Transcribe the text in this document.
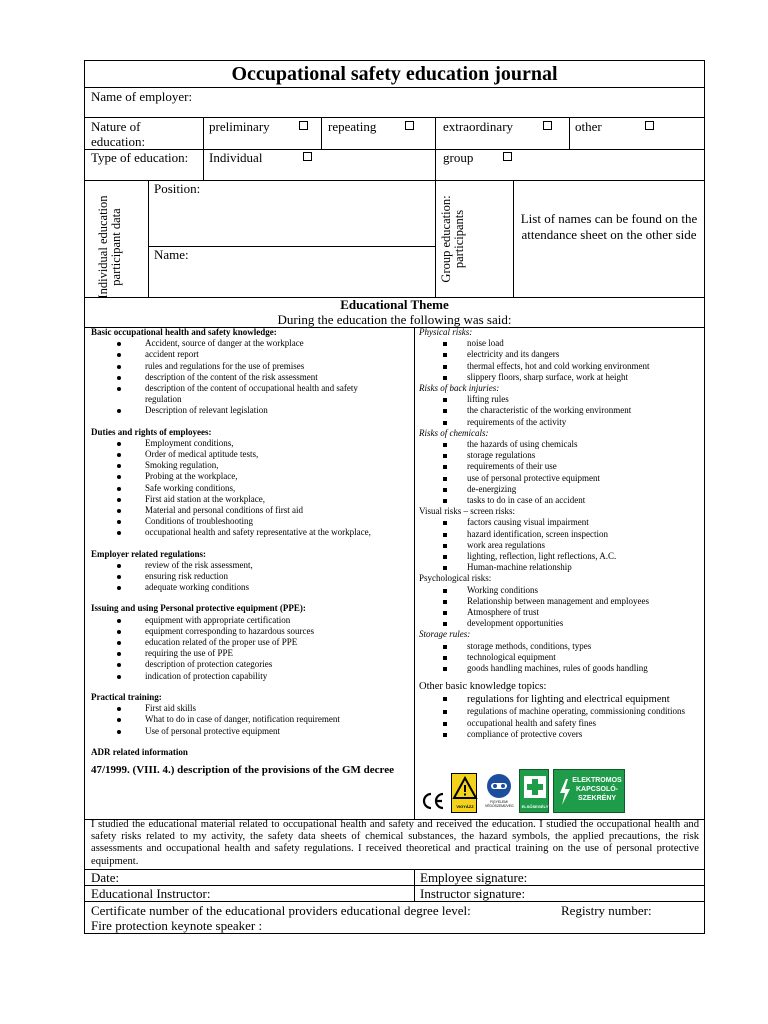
Occupational safety education journal
Name of employer:
Nature of education:
preliminary	repeating	extraordinary	other
Type of education: Individual	group
Individual education participant data
Position:
Name:	Group education: participants	List of names can be found on the attendance sheet on the other side
Educational Theme
During the education the following was said:

Basic occupational health and safety knowledge:

Accident, source of danger at the workplace
accident report
rules and regulations for the use of premises
description of the content of the risk assessment
description of the content of occupational health and safety regulation
Description of relevant legislation

Duties and rights of employees:

Employment conditions,
Order of medical aptitude tests,
Smoking regulation,
Probing at the workplace,
Safe working conditions,
First aid station at the workplace,
Material and personal conditions of first aid
Conditions of troubleshooting
occupational health and safety representative at the workplace,

Employer related regulations:

review of the risk assessment,
ensuring risk reduction
adequate working conditions

Issuing and using Personal protective equipment (PPE):

equipment with appropriate certification
equipment corresponding to hazardous sources
education related of the proper use of PPE
requiring the use of PPE
description of protection categories
indication of protection capability

Practical training:

First aid skills
What to do in case of danger, notification requirement
Use of personal protective equipment

ADR related information

47/1999. (VIII. 4.) description of the provisions of the GM decree

Physical risks:

noise load
electricity and its dangers
thermal effects, hot and cold working environment
slippery floors, sharp surface, work at height

Risks of back injuries:

lifting rules
the characteristic of the working environment
requirements of the activity

Risks of chemicals:

the hazards of using chemicals
storage regulations
requirements of their use
use of personal protective equipment
de-energizing
tasks to do in case of an accident

Visual risks – screen risks:

factors causing visual impairment
hazard identification, screen inspection
work area regulations
lighting, reflection, light reflections, A.C.
Human-machine relationship

Psychological risks:

Working conditions
Relationship between management and employees
Atmosphere of trust
development opportunities

Storage rules:

storage methods, conditions, types
technological equipment
goods handling machines, rules of goods handling

Other basic knowledge topics:

regulations for lighting and electrical equipment
regulations of machine operating, commissioning conditions
occupational health and safety fines
compliance of protective covers
VIGYÁZZ
FIGYELEM! VÉDŐSZEMÜVEG	ELSŐSEGÉLY
ELEKTROMOS KAPCSOLÓ-SZEKRÉNY
I studied the educational material related to occupational health and safety and received the education. I studied the occupational health and safety risks related to my activity, the safety data sheets of chemical substances, the hazard symbols, the applied precautions, the risk assessments and occupational health and safety regulations. I received theoretical and practical training on the use of personal protective equipment.
Date:	Employee signature:
Educational Instructor:	Instructor signature:
Certificate number of the educational providers educational degree level:	Registry number:
Fire protection keynote speaker :
